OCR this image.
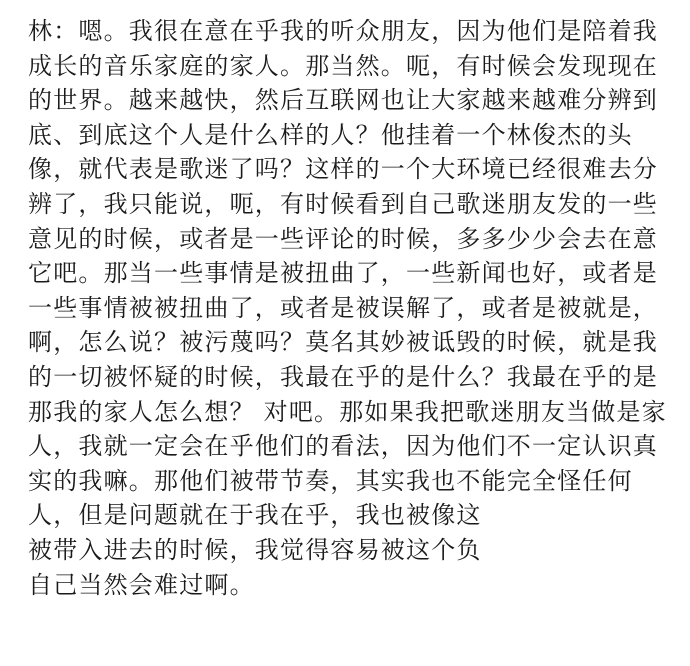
林：嗯。我很在意在乎我的听众朋友，因为他们是陪着我
成长的音乐家庭的家人。那当然。呃，有时候会发现现在
的世界。越来越快，然后互联网也让大家越来越难分辨到
底、到底这个人是什么样的人？他挂着一个林俊杰的头
像，就代表是歌迷了吗？这样的一个大环境已经很难去分
辨了，我只能说，呃，有时候看到自己歌迷朋友发的一些
意见的时候，或者是一些评论的时候，多多少少会去在意
它吧。那当一些事情是被扭曲了，一些新闻也好，或者是
一些事情被被扭曲了，或者是被误解了，或者是被就是，
啊，怎么说？被污蔑吗？莫名其妙被诋毁的时候，就是我
的一切被怀疑的时候，我最在乎的是什么？我最在乎的是
那我的家人怎么想？ 对吧。那如果我把歌迷朋友当做是家
人，我就一定会在乎他们的看法，因为他们不一定认识真
实的我嘛。那他们被带节奏，其实我也不能完全怪任何
人，但是问题就在于我在乎，我也被像这
被带入进去的时候，我觉得容易被这个负
自己当然会难过啊。
